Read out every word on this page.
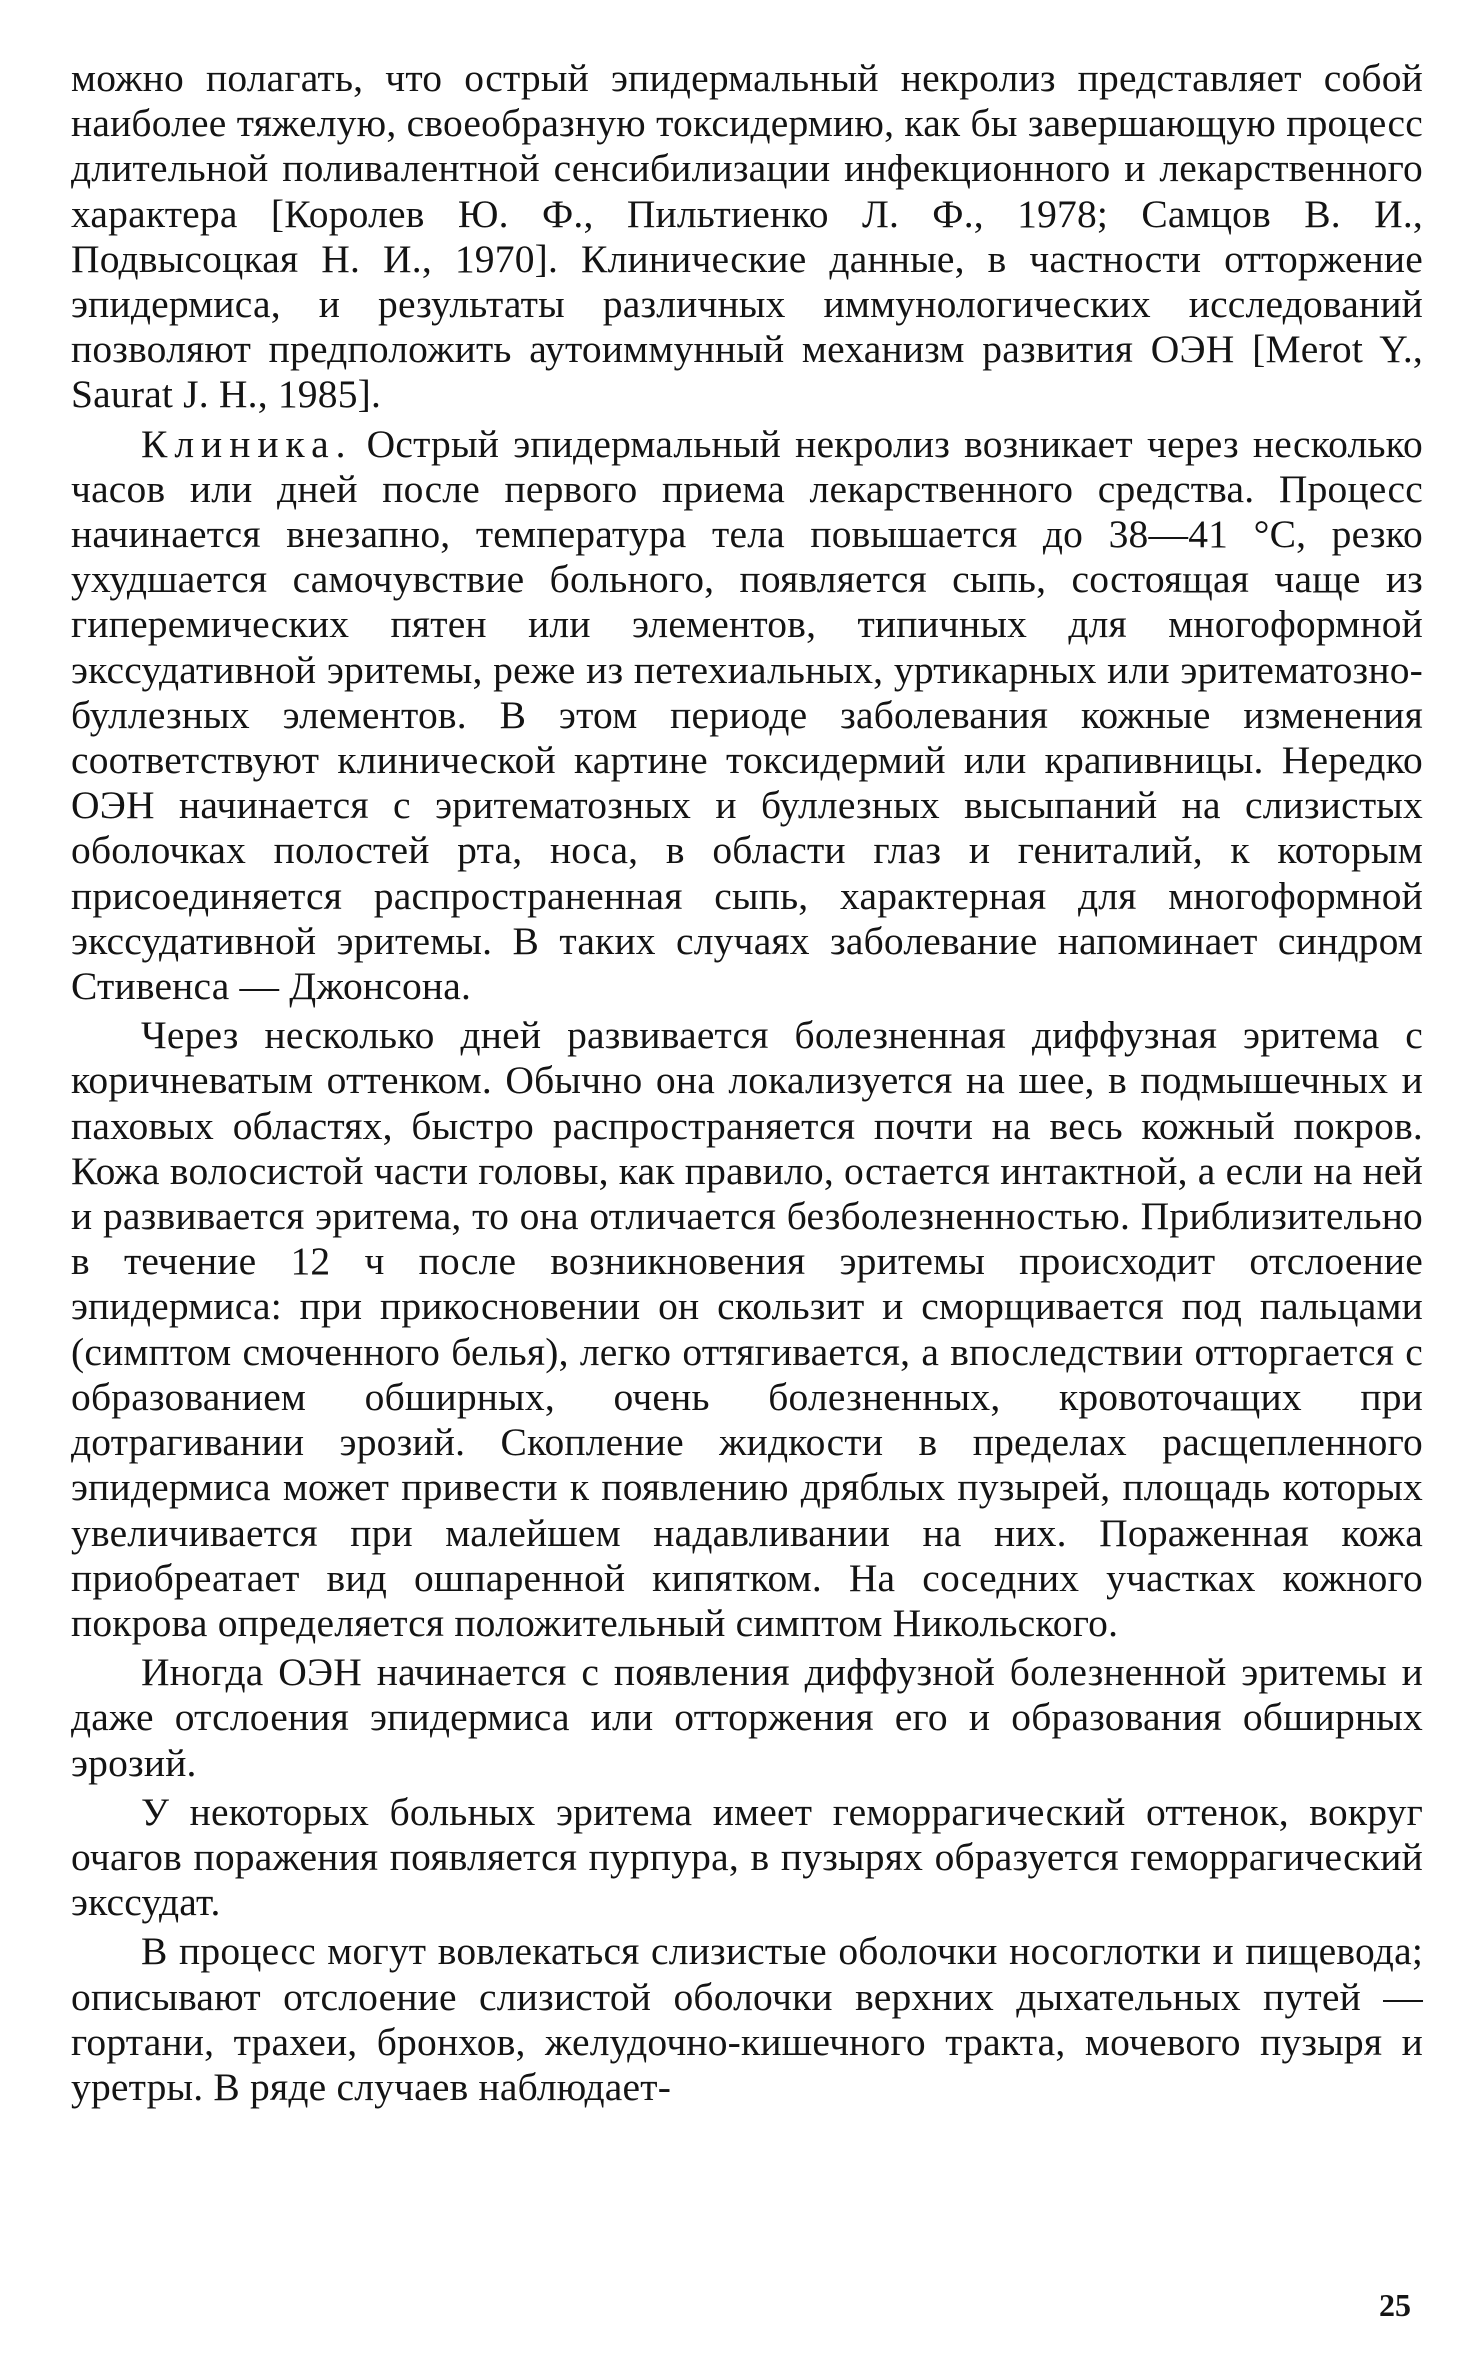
можно полагать, что острый эпидермальный некролиз представляет собой наиболее тяжелую, своеобразную токсидермию, как бы завершающую процесс длительной поливалентной сенсибилизации инфекционного и лекарственного характера [Королев Ю. Ф., Пильтиенко Л. Ф., 1978; Самцов В. И., Подвысоцкая Н. И., 1970]. Клинические данные, в частности отторжение эпидермиса, и результаты различных иммунологических исследований позволяют предположить аутоиммунный механизм развития ОЭН [Merot Y., Saurat J. H., 1985].

Клиника. Острый эпидермальный некролиз возникает через несколько часов или дней после первого приема лекарственного средства. Процесс начинается внезапно, температура тела повышается до 38—41 °С, резко ухудшается самочувствие больного, появляется сыпь, состоящая чаще из гиперемических пятен или элементов, типичных для многоформной экссудативной эритемы, реже из петехиальных, уртикарных или эритематозно-буллезных элементов. В этом периоде заболевания кожные изменения соответствуют клинической картине токсидермий или крапивницы. Нередко ОЭН начинается с эритематозных и буллезных высыпаний на слизистых оболочках полостей рта, носа, в области глаз и гениталий, к которым присоединяется распространенная сыпь, характерная для многоформной экссудативной эритемы. В таких случаях заболевание напоминает синдром Стивенса — Джонсона.

Через несколько дней развивается болезненная диффузная эритема с коричневатым оттенком. Обычно она локализуется на шее, в подмышечных и паховых областях, быстро распространяется почти на весь кожный покров. Кожа волосистой части головы, как правило, остается интактной, а если на ней и развивается эритема, то она отличается безболезненностью. Приблизительно в течение 12 ч после возникновения эритемы происходит отслоение эпидермиса: при прикосновении он скользит и сморщивается под пальцами (симптом смоченного белья), легко оттягивается, а впоследствии отторгается с образованием обширных, очень болезненных, кровоточащих при дотрагивании эрозий. Скопление жидкости в пределах расщепленного эпидермиса может привести к появлению дряблых пузырей, площадь которых увеличивается при малейшем надавливании на них. Пораженная кожа приобреатает вид ошпаренной кипятком. На соседних участках кожного покрова определяется положительный симптом Никольского.

Иногда ОЭН начинается с появления диффузной болезненной эритемы и даже отслоения эпидермиса или отторжения его и образования обширных эрозий.

У некоторых больных эритема имеет геморрагический оттенок, вокруг очагов поражения появляется пурпура, в пузырях образуется геморрагический экссудат.

В процесс могут вовлекаться слизистые оболочки носоглотки и пищевода; описывают отслоение слизистой оболочки верхних дыхательных путей — гортани, трахеи, бронхов, желудочно-кишечного тракта, мочевого пузыря и уретры. В ряде случаев наблюдает-

25
